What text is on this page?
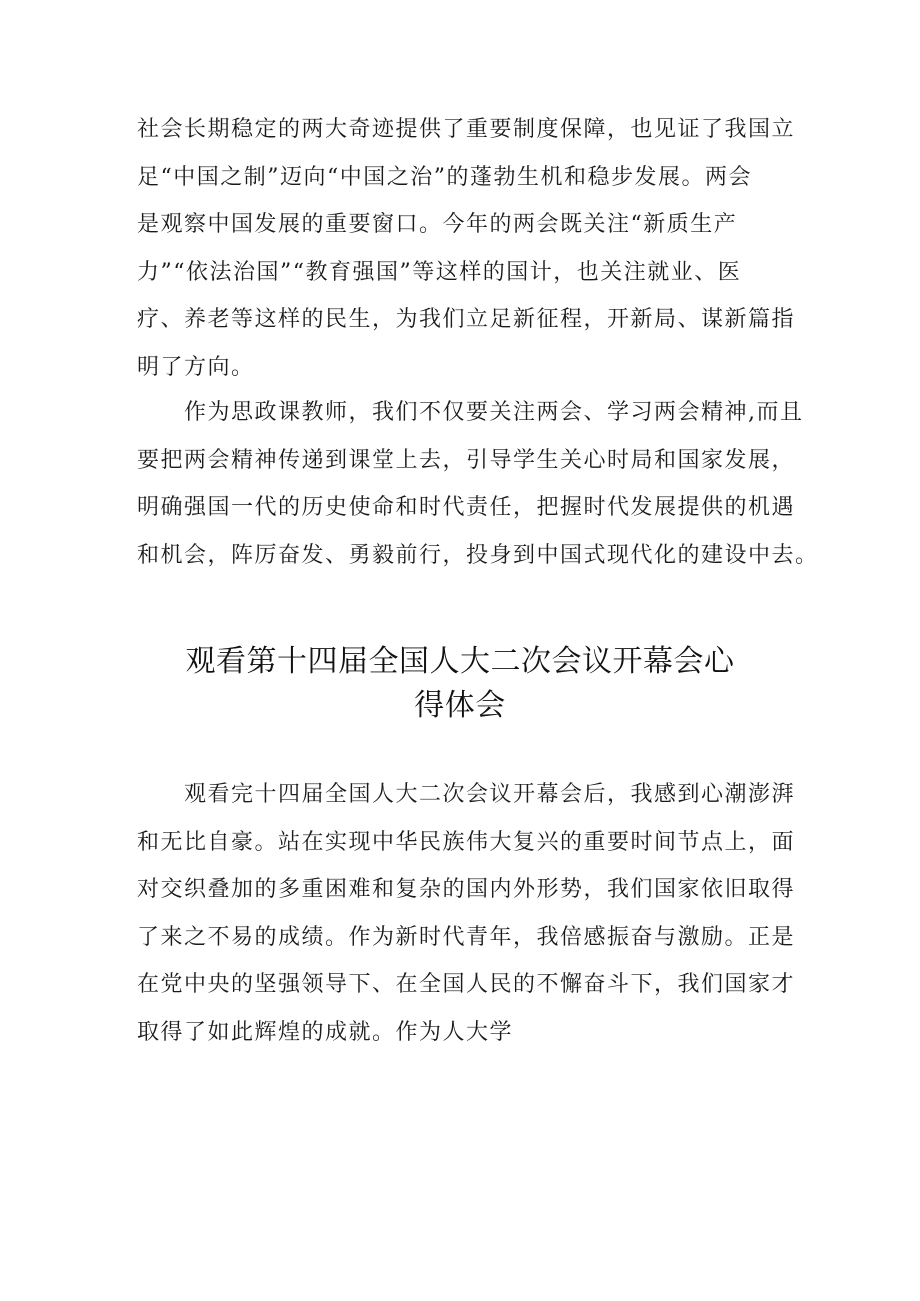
社会长期稳定的两大奇迹提供了重要制度保障，也见证了我国立
足“中国之制”迈向“中国之治”的蓬勃生机和稳步发展。两会
是观察中国发展的重要窗口。今年的两会既关注“新质生产
力”“依法治国”“教育强国”等这样的国计，也关注就业、医
疗、养老等这样的民生，为我们立足新征程，开新局、谋新篇指
明了方向。
作为思政课教师，我们不仅要关注两会、学习两会精神,而且
要把两会精神传递到课堂上去，引导学生关心时局和国家发展，
明确强国一代的历史使命和时代责任，把握时代发展提供的机遇
和机会，阵厉奋发、勇毅前行，投身到中国式现代化的建设中去。
观看第十四届全国人大二次会议开幕会心
得体会
观看完十四届全国人大二次会议开幕会后，我感到心潮澎湃
和无比自豪。站在实现中华民族伟大复兴的重要时间节点上，面
对交织叠加的多重困难和复杂的国内外形势，我们国家依旧取得
了来之不易的成绩。作为新时代青年，我倍感振奋与激励。正是
在党中央的坚强领导下、在全国人民的不懈奋斗下，我们国家才
取得了如此辉煌的成就。作为人大学
